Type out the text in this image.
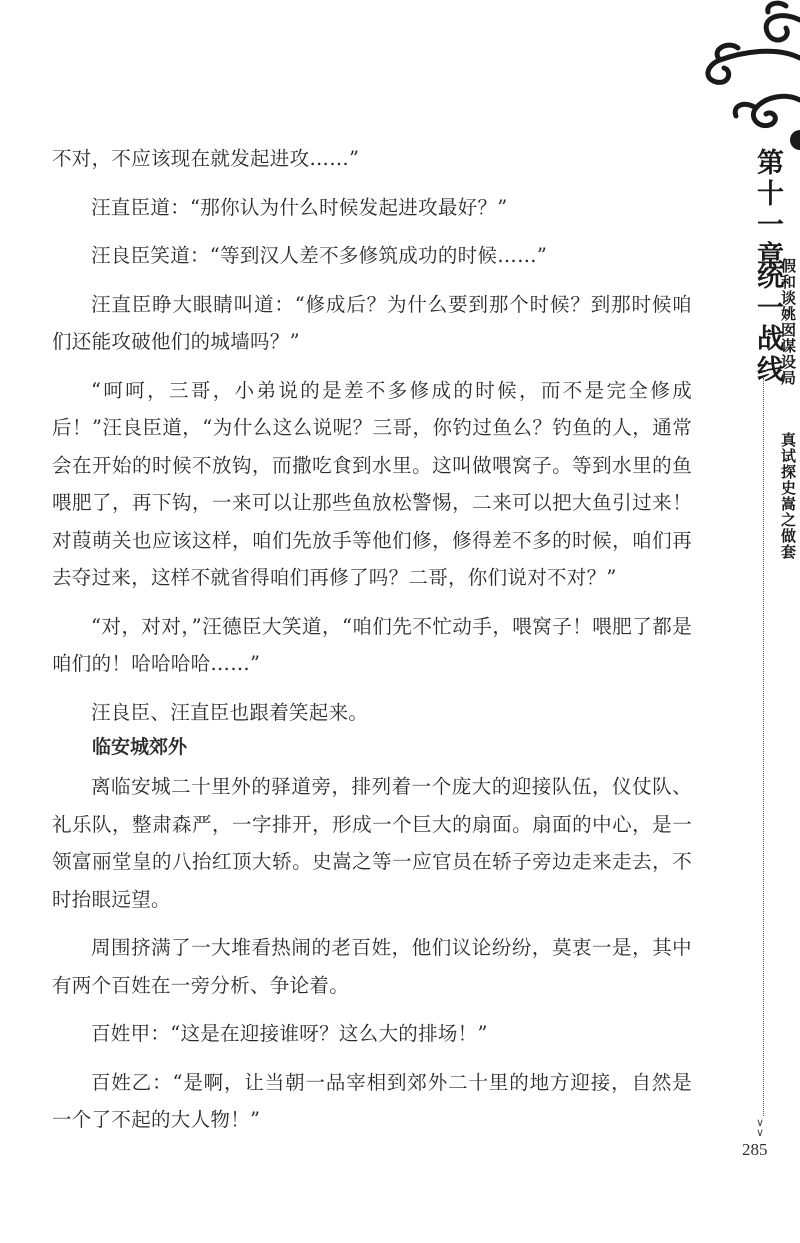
不对，不应该现在就发起进攻……”

汪直臣道：“那你认为什么时候发起进攻最好？”

汪良臣笑道：“等到汉人差不多修筑成功的时候……”

汪直臣睁大眼睛叫道：“修成后？为什么要到那个时候？到那时候咱们还能攻破他们的城墙吗？”

“呵呵，三哥，小弟说的是差不多修成的时候，而不是完全修成后！”汪良臣道，“为什么这么说呢？三哥，你钓过鱼么？钓鱼的人，通常会在开始的时候不放钩，而撒吃食到水里。这叫做喂窝子。等到水里的鱼喂肥了，再下钩，一来可以让那些鱼放松警惕，二来可以把大鱼引过来！对葭萌关也应该这样，咱们先放手等他们修，修得差不多的时候，咱们再去夺过来，这样不就省得咱们再修了吗？二哥，你们说对不对？”

“对，对对，”汪德臣大笑道，“咱们先不忙动手，喂窝子！喂肥了都是咱们的！哈哈哈哈……”

汪良臣、汪直臣也跟着笑起来。

临安城郊外

离临安城二十里外的驿道旁，排列着一个庞大的迎接队伍，仪仗队、礼乐队，整肃森严，一字排开，形成一个巨大的扇面。扇面的中心，是一领富丽堂皇的八抬红顶大轿。史嵩之等一应官员在轿子旁边走来走去，不时抬眼远望。

周围挤满了一大堆看热闹的老百姓，他们议论纷纷，莫衷一是，其中有两个百姓在一旁分析、争论着。

百姓甲：“这是在迎接谁呀？这么大的排场！”

百姓乙：“是啊，让当朝一品宰相到郊外二十里的地方迎接，自然是一个了不起的大人物！”

第十一章
统一战线
假和谈姚囡谋设局
真试探史嵩之做套
∨
∨
285
